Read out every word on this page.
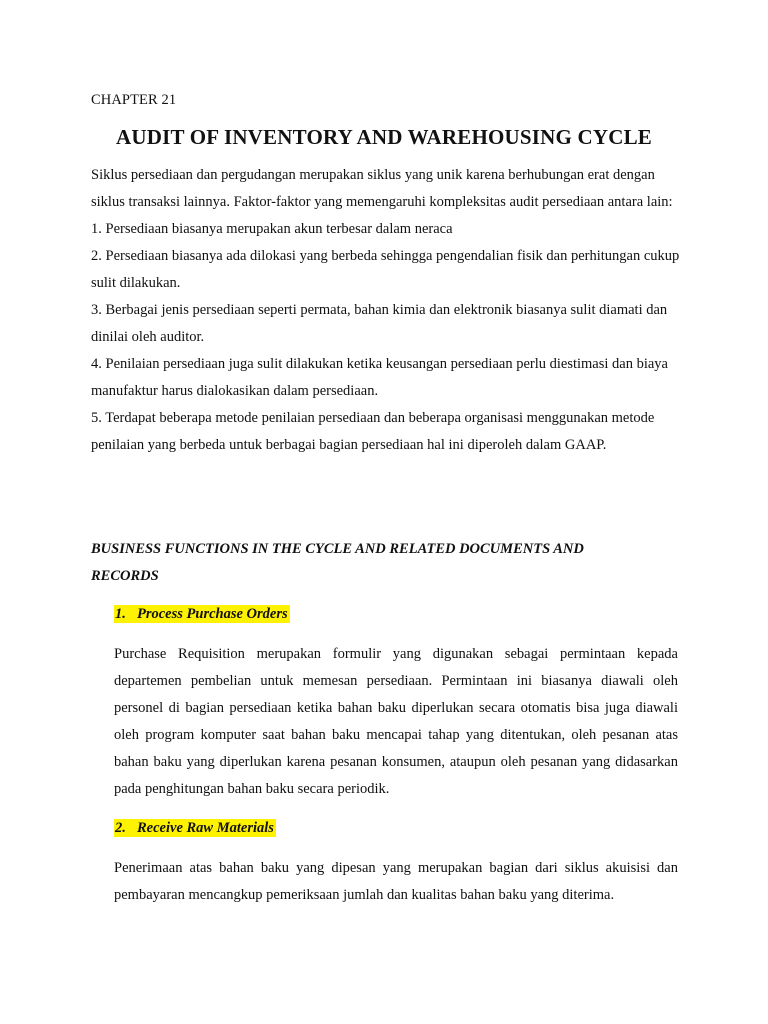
CHAPTER 21
AUDIT OF INVENTORY AND WAREHOUSING CYCLE

Siklus persediaan dan pergudangan merupakan siklus yang unik karena berhubungan erat dengan siklus transaksi lainnya. Faktor-faktor yang memengaruhi kompleksitas audit persediaan antara lain:

1. Persediaan biasanya merupakan akun terbesar dalam neraca

2. Persediaan biasanya ada dilokasi yang berbeda sehingga pengendalian fisik dan perhitungan cukup sulit dilakukan.

3. Berbagai jenis persediaan seperti permata, bahan kimia dan elektronik biasanya sulit diamati dan dinilai oleh auditor.

4. Penilaian persediaan juga sulit dilakukan ketika keusangan persediaan perlu diestimasi dan biaya manufaktur harus dialokasikan dalam persediaan.

5. Terdapat beberapa metode penilaian persediaan dan beberapa organisasi menggunakan metode penilaian yang berbeda untuk berbagai bagian persediaan hal ini diperoleh dalam GAAP.

BUSINESS FUNCTIONS IN THE CYCLE AND RELATED DOCUMENTS AND RECORDS
1. Process Purchase Orders

Purchase Requisition merupakan formulir yang digunakan sebagai permintaan kepada departemen pembelian untuk memesan persediaan. Permintaan ini biasanya diawali oleh personel di bagian persediaan ketika bahan baku diperlukan secara otomatis bisa juga diawali oleh program komputer saat bahan baku mencapai tahap yang ditentukan, oleh pesanan atas bahan baku yang diperlukan karena pesanan konsumen, ataupun oleh pesanan yang didasarkan pada penghitungan bahan baku secara periodik.

2. Receive Raw Materials

Penerimaan atas bahan baku yang dipesan yang merupakan bagian dari siklus akuisisi dan pembayaran mencangkup pemeriksaan jumlah dan kualitas bahan baku yang diterima.
